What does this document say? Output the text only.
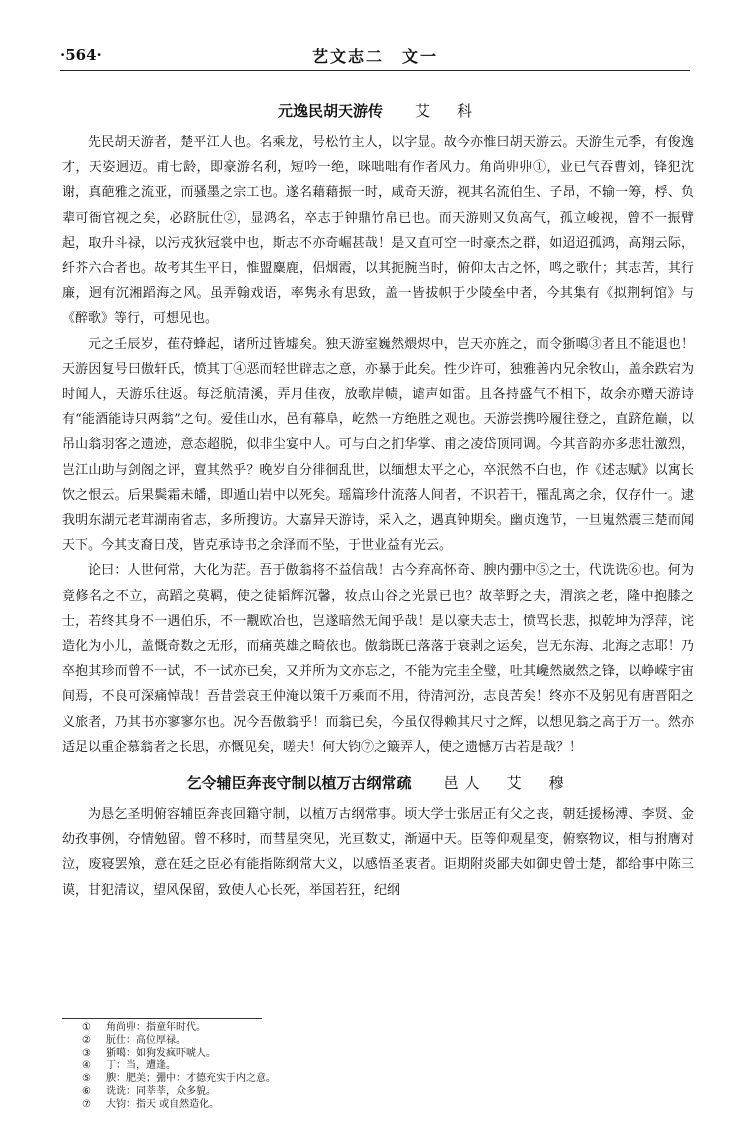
·564·	艺文志二　文一
元逸民胡天游传 艾　科

先民胡天游者，楚平江人也。名乘龙，号松竹主人，以字显。故今亦惟曰胡天游云。天游生元季，有俊逸才，天姿迥迈。甫七龄，即豪游名利，短吟一绝，咪咄咄有作者风力。角尚丱丱①，业已气吞曹刘，锋犯沈谢，真葩雅之流亚，而骚墨之宗工也。遂名藉藉振一时，咸奇天游，视其名流伯生、子昂，不输一筹，桴、负辈可衙官视之矣，必跻朊仕②，显鸿名，卒志于钟鼎竹帛已也。而天游则又负高气，孤立峻视，曾不一振臂起，取升斗禄，以污戎狄冠裳中也，斯志不亦奇崛甚哉！是又直可空一时豪杰之群，如迢迢孤鸿，高翔云际，纤芥六合者也。故考其生平日，惟盟麋鹿，侣烟霞，以其扼腕当时，俯仰太古之怀，鸣之歌什；其志苦，其行廉，迥有沉湘蹈海之风。虽弄翰戏语，率隽永有思致，盖一皆拔帜于少陵垒中者，今其集有《拟荆轲馆》与《醉歌》等行，可想见也。

元之壬辰岁，萑苻蜂起，诸所过皆墟矣。独天游室巍然煨烬中，岂天亦旌之，而令狾噶③者且不能退也！天游因复号曰傲轩氏，愤其丁④恶而轻世辟志之意，亦暴于此矣。性少许可，独雅善内兄余牧山，盖余跌宕为时闻人，天游乐往返。每泛航清溪，弄月佳夜，放歌岸帻，谑声如雷。且各持盛气不相下，故余亦赠天游诗有“能酒能诗只两翁”之句。爱佳山水，邑有幕阜，屹然一方绝胜之观也。天游尝携吟履往登之，直跻危巅，以吊山翁羽客之遗迹，意态超脱，似非尘宴中人。可与白之扪华掌、甫之凌岱顶同调。今其音韵亦多悲壮激烈，岂江山助与剑阁之评，亶其然乎？晚岁自分徘徊乱世，以缅想太平之心，卒泯然不白也，作《述志赋》以寓长饮之恨云。后果鬓霜未皤，即遁山岩中以死矣。瑶篇珍什流落人间者，不识若干，罹乱离之余，仅存什一。逮我明东湖元老茸湖南省志，多所搜访。大嘉异天游诗，采入之，遇真钟期矣。幽贞逸节，一旦嵬然震三楚而闻天下。今其支裔日茂，皆克承诗书之余泽而不坠，于世业益有光云。

论曰：人世何常，大化为茫。吾于傲翁将不益信哉！古今弃高怀奇、腴内弸中⑤之士，代诜诜⑥也。何为竟修名之不立，高蹈之莫羁，使之徒韬辉沉馨，妆点山谷之光景已也？故莘野之夫，渭滨之老，隆中抱膝之士，若终其身不一遇伯乐，不一觏欧冶也，岂遂暗然无闻乎哉！是以豪夫志士，愤骂长悲，拟乾坤为浮萍，诧造化为小儿，盖慨奇数之无形，而痛英雄之畸依也。傲翁既已落落于衰剥之运矣，岂无东海、北海之志耶！乃卒抱其珍而曾不一试，不一试亦已矣，又并所为文亦忘之，不能为完圭全璧，吐其巉然崴然之锋，以峥嵘宇宙间焉，不良可深痛悼哉！吾昔尝哀王仲淹以策千万乘而不用，待清河汾，志良苦矣！终亦不及躬见有唐晋阳之义旅者，乃其书亦寥寥尔也。况今吾傲翁乎！而翁已矣，今虽仅得赖其尺寸之辉，以想见翁之高于万一。然亦适足以重企慕翁者之长思，亦慨见矣，嗟夫！何大钧⑦之簸弄人，使之遗憾万古若是哉？！

乞令辅臣奔丧守制以植万古纲常疏 邑人　艾　穆

为恳乞圣明俯容辅臣奔丧回籍守制，以植万古纲常事。顷大学士张居正有父之丧，朝廷援杨溥、李贤、金幼孜事例，夺情勉留。曾不移时，而彗星突见，光亘数丈，渐逼中天。臣等仰观星变，俯察物议，相与拊膺对泣，废寝罢飧，意在廷之臣必有能指陈纲常大义，以感悟圣衷者。讵期附炎鄙夫如御史曾士楚，都给事中陈三谟，甘犯清议，望风保留，致使人心长死，举国若狂，纪纲

① 角尚丱：指童年时代。
② 朊仕：高位厚禄。
③ 狾噶：如狗发疯吓唬人。
④ 丁：当，遭逢。
⑤ 腴：肥美；弸中：才德充实于内之意。
⑥ 诜诜：同莘莘，众多貌。
⑦ 大钧：指天 或自然造化。
